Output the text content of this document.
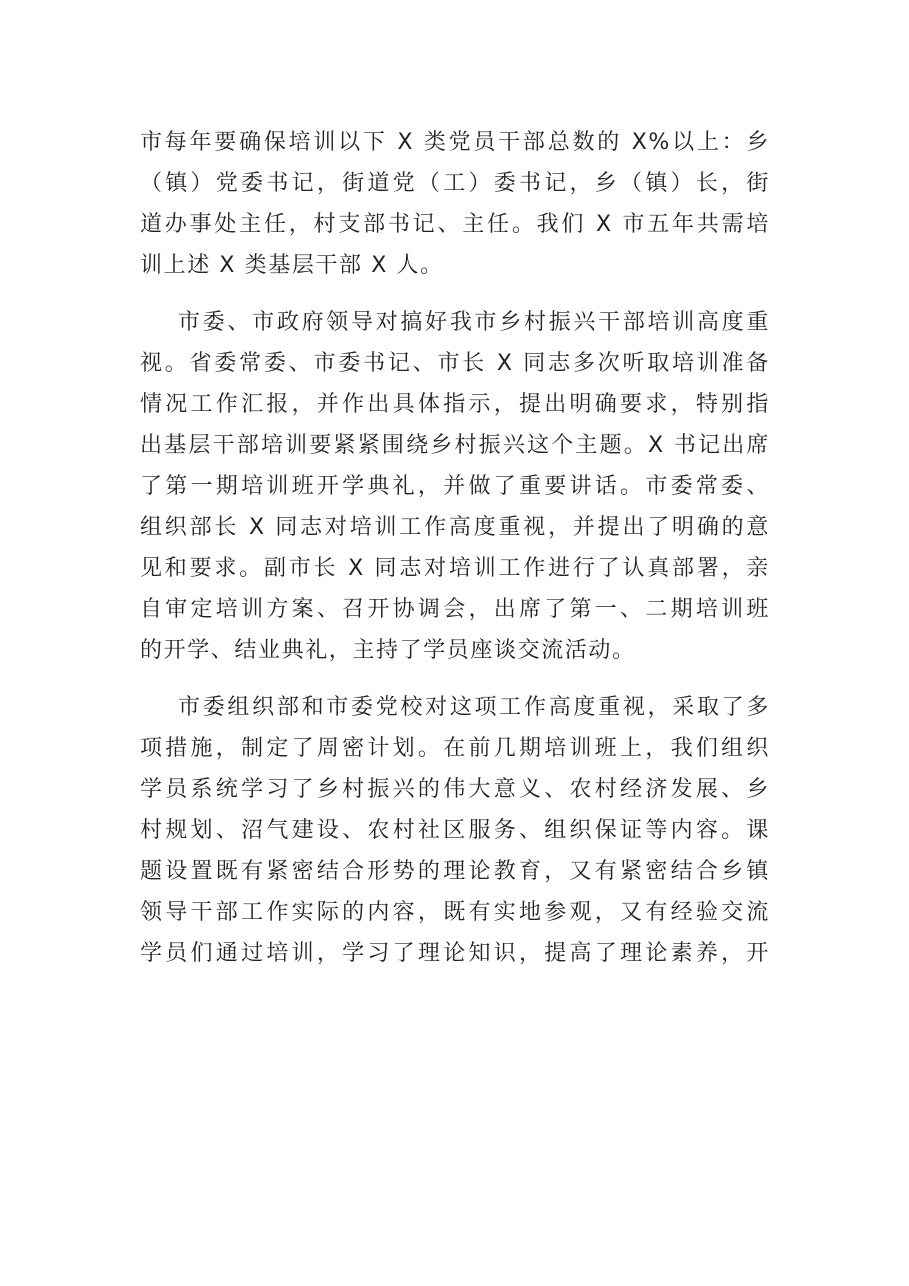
市每年要确保培训以下 X 类党员干部总数的 X%以上：乡
（镇）党委书记，街道党（工）委书记，乡（镇）长，街
道办事处主任，村支部书记、主任。我们 X 市五年共需培
训上述 X 类基层干部 X 人。
市委、市政府领导对搞好我市乡村振兴干部培训高度重
视。省委常委、市委书记、市长 X 同志多次听取培训准备
情况工作汇报，并作出具体指示，提出明确要求，特别指
出基层干部培训要紧紧围绕乡村振兴这个主题。X 书记出席
了第一期培训班开学典礼，并做了重要讲话。市委常委、
组织部长 X 同志对培训工作高度重视，并提出了明确的意
见和要求。副市长 X 同志对培训工作进行了认真部署，亲
自审定培训方案、召开协调会，出席了第一、二期培训班
的开学、结业典礼，主持了学员座谈交流活动。
市委组织部和市委党校对这项工作高度重视，采取了多
项措施，制定了周密计划。在前几期培训班上，我们组织
学员系统学习了乡村振兴的伟大意义、农村经济发展、乡
村规划、沼气建设、农村社区服务、组织保证等内容。课
题设置既有紧密结合形势的理论教育，又有紧密结合乡镇
领导干部工作实际的内容，既有实地参观，又有经验交流
学员们通过培训，学习了理论知识，提高了理论素养，开
